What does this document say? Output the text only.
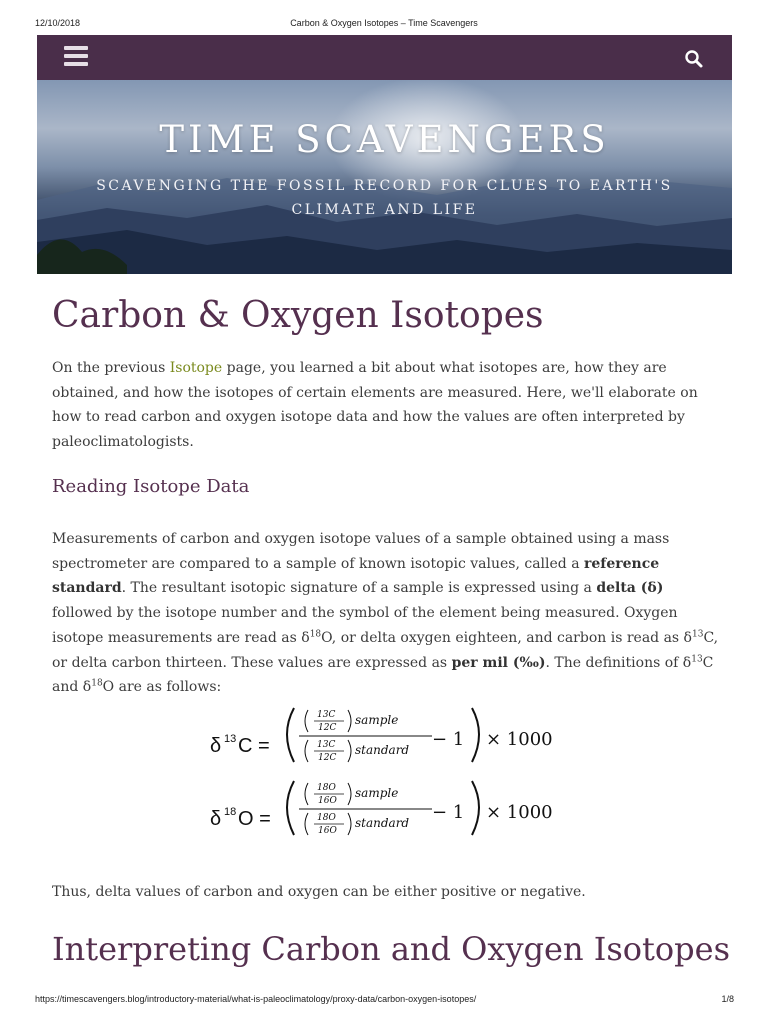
12/10/2018	Carbon & Oxygen Isotopes – Time Scavengers
TIME SCAVENGERS
SCAVENGING THE FOSSIL RECORD FOR CLUES TO EARTH'S CLIMATE AND LIFE
Carbon & Oxygen Isotopes

On the previous Isotope page, you learned a bit about what isotopes are, how they are obtained, and how the isotopes of certain elements are measured. Here, we'll elaborate on how to read carbon and oxygen isotope data and how the values are often interpreted by paleoclimatologists.

Reading Isotope Data

Measurements of carbon and oxygen isotope values of a sample obtained using a mass spectrometer are compared to a sample of known isotopic values, called a reference standard. The resultant isotopic signature of a sample is expressed using a delta (δ) followed by the isotope number and the symbol of the element being measured. Oxygen isotope measurements are read as $\delta^{18}O$, or delta oxygen eighteen, and carbon is read as $\delta^{13}C$, or delta carbon thirteen. These values are expressed as per mil (‰). The definitions of $\delta^{13}C$ and $\delta^{18}O$ are as follows:

δ 13 C =
13C
12C
sample
13C
12C
standard − 1 × 1000
δ 18 O =
18O
16O
sample
18O
16O
standard − 1 × 1000

Thus, delta values of carbon and oxygen can be either positive or negative.

Interpreting Carbon and Oxygen Isotopes
https://timescavengers.blog/introductory-material/what-is-paleoclimatology/proxy-data/carbon-oxygen-isotopes/	1/8
